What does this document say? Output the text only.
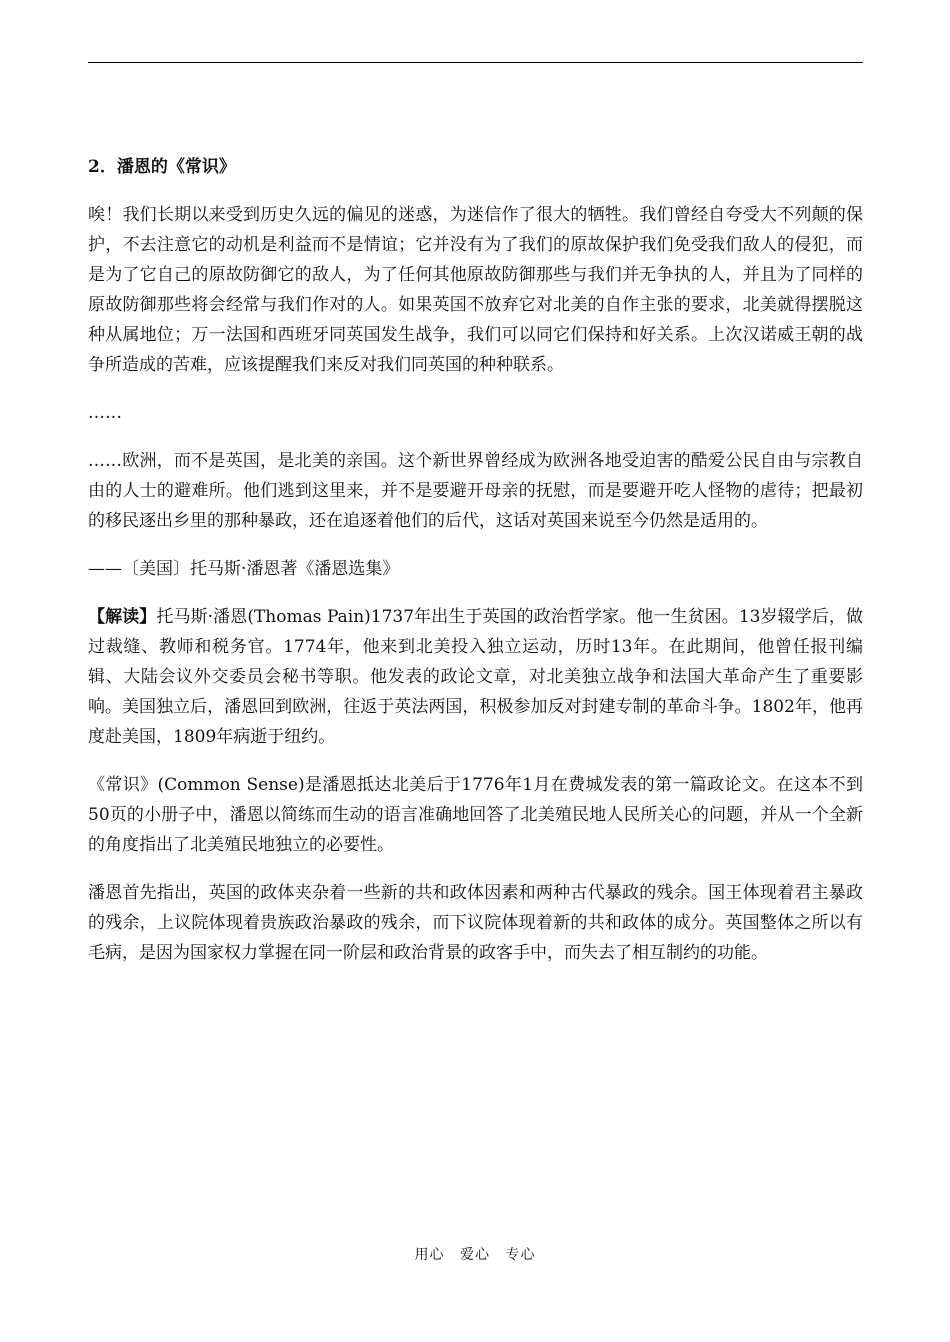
2．潘恩的《常识》

唉！我们长期以来受到历史久远的偏见的迷惑，为迷信作了很大的牺牲。我们曾经自夸受大不列颠的保护，不去注意它的动机是利益而不是情谊；它并没有为了我们的原故保护我们免受我们敌人的侵犯，而是为了它自己的原故防御它的敌人，为了任何其他原故防御那些与我们并无争执的人，并且为了同样的原故防御那些将会经常与我们作对的人。如果英国不放弃它对北美的自作主张的要求，北美就得摆脱这种从属地位；万一法国和西班牙同英国发生战争，我们可以同它们保持和好关系。上次汉诺威王朝的战争所造成的苦难，应该提醒我们来反对我们同英国的种种联系。

……

……欧洲，而不是英国，是北美的亲国。这个新世界曾经成为欧洲各地受迫害的酷爱公民自由与宗教自由的人士的避难所。他们逃到这里来，并不是要避开母亲的抚慰，而是要避开吃人怪物的虐待；把最初的移民逐出乡里的那种暴政，还在追逐着他们的后代，这话对英国来说至今仍然是适用的。

——〔美国〕托马斯·潘恩著《潘恩选集》

【解读】托马斯·潘恩(Thomas Pain)1737年出生于英国的政治哲学家。他一生贫困。13岁辍学后，做过裁缝、教师和税务官。1774年，他来到北美投入独立运动，历时13年。在此期间，他曾任报刊编辑、大陆会议外交委员会秘书等职。他发表的政论文章，对北美独立战争和法国大革命产生了重要影响。美国独立后，潘恩回到欧洲，往返于英法两国，积极参加反对封建专制的革命斗争。1802年，他再度赴美国，1809年病逝于纽约。

《常识》(Common Sense)是潘恩抵达北美后于1776年1月在费城发表的第一篇政论文。在这本不到50页的小册子中，潘恩以简练而生动的语言准确地回答了北美殖民地人民所关心的问题，并从一个全新的角度指出了北美殖民地独立的必要性。

潘恩首先指出，英国的政体夹杂着一些新的共和政体因素和两种古代暴政的残余。国王体现着君主暴政的残余，上议院体现着贵族政治暴政的残余，而下议院体现着新的共和政体的成分。英国整体之所以有毛病，是因为国家权力掌握在同一阶层和政治背景的政客手中，而失去了相互制约的功能。

用心 爱心 专心
